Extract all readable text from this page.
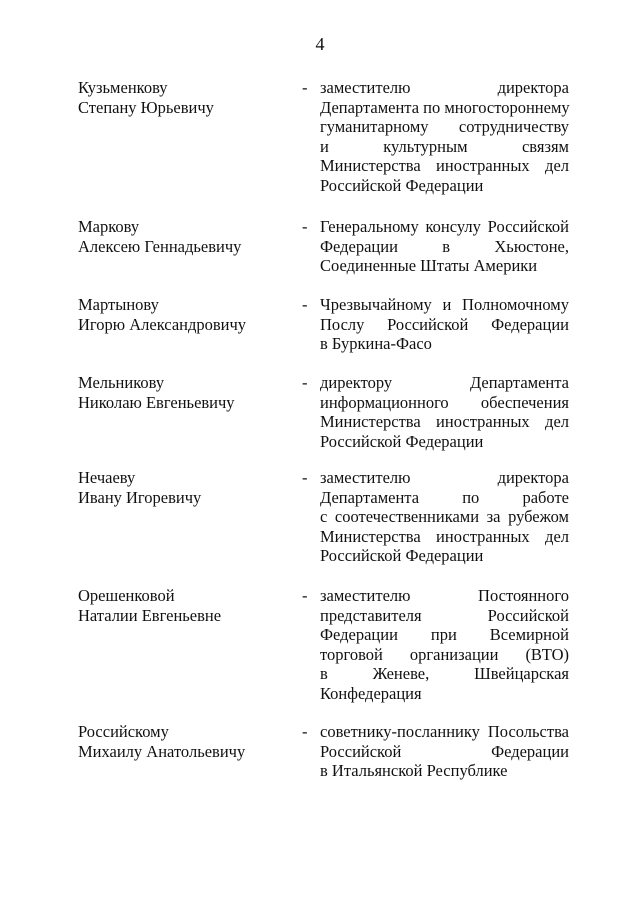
4
Кузьменкову
Степану Юрьевичу
- заместителю директора
Департамента по многостороннему
гуманитарному сотрудничеству
и культурным связям
Министерства иностранных дел
Российской Федерации
Маркову
Алексею Геннадьевичу
- Генеральному консулу Российской
Федерации в Хьюстоне,
Соединенные Штаты Америки
Мартынову
Игорю Александровичу
- Чрезвычайному и Полномочному
Послу Российской Федерации
в Буркина-Фасо
Мельникову
Николаю Евгеньевичу
- директору Департамента
информационного обеспечения
Министерства иностранных дел
Российской Федерации
Нечаеву
Ивану Игоревичу
- заместителю директора
Департамента по работе
с соотечественниками за рубежом
Министерства иностранных дел
Российской Федерации
Орешенковой
Наталии Евгеньевне
- заместителю Постоянного
представителя Российской
Федерации при Всемирной
торговой организации (ВТО)
в Женеве, Швейцарская
Конфедерация
Российскому
Михаилу Анатольевичу
- советнику-посланнику Посольства
Российской Федерации
в Итальянской Республике
